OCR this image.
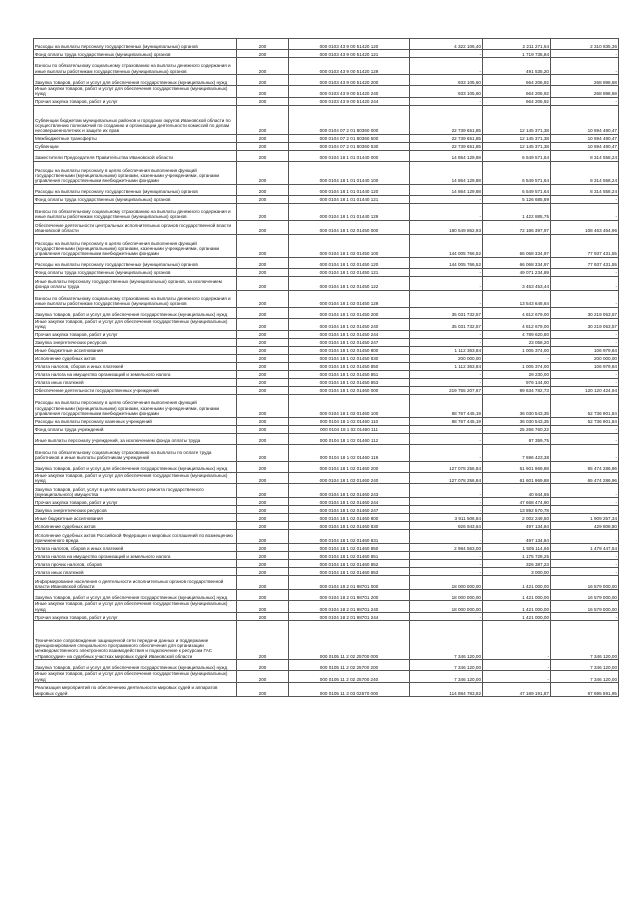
Расходы на выплаты персоналу государственных (муниципальных) органов	200	000 0103 43 9 00 51420 120	4 322 106,40	2 211 271,64	2 310 835,36
Фонд оплаты труда государственных (муниципальных) органов	200	000 0103 43 9 00 51420 121	-	1 719 735,84	-
Взносы по обязательному социальному страхованию на выплаты денежного содержания и иные выплаты работникам государственных (муниципальных) органов	200	000 0103 43 9 00 51420 129	-	491 535,20	-
Закупка товаров, работ и услуг для обеспечения государственных (муниципальных) нужд	200	000 0103 43 9 00 51420 200	933 105,60	664 206,92	268 898,68
Иные закупки товаров, работ и услуг для обеспечения государственных (муниципальных) нужд	200	000 0103 43 9 00 51420 240	933 105,60	664 206,92	268 898,68
Прочая закупка товаров, работ и услуг	200	000 0103 43 9 00 51420 244	-	664 206,92	-
Субвенции бюджетам муниципальных районов и городских округов Ивановской области по осуществлению полномочий по созданию и организации деятельности комиссий по делам несовершеннолетних и защите их прав	200	000 0104 07 2 01 80360 000	22 739 651,85	12 145 371,38	10 594 480,47
Межбюджетные трансферты	200	000 0104 07 2 01 80360 500	22 739 651,85	12 145 371,38	10 594 480,47
Субвенции	200	000 0104 07 2 01 80360 530	22 739 651,85	12 145 371,38	10 594 480,47
Заместители Председателя Правительства Ивановской области	200	000 0104 18 1 01 01440 000	14 864 129,88	6 549 571,64	8 314 558,24
Расходы на выплаты персоналу в целях обеспечения выполнения функций государственными (муниципальными) органами, казенными учреждениями, органами управления государственными внебюджетными фондами	200	000 0104 18 1 01 01440 100	14 864 129,88	6 549 571,64	8 314 558,24
Расходы на выплаты персоналу государственных (муниципальных) органов	200	000 0104 18 1 01 01440 120	14 864 129,88	6 549 571,64	8 314 558,24
Фонд оплаты труда государственных (муниципальных) органов	200	000 0104 18 1 01 01440 121	-	5 126 685,89	-
Взносы по обязательному социальному страхованию на выплаты денежного содержания и иные выплаты работникам государственных (муниципальных) органов	200	000 0104 18 1 01 01440 129	-	1 422 885,75	-
Обеспечение деятельности центральных исполнительных органов государственной власти Ивановской области	200	000 0104 18 1 02 01450 000	180 549 862,93	72 186 397,97	108 463 464,96
Расходы на выплаты персоналу в целях обеспечения выполнения функций государственными (муниципальными) органами, казенными учреждениями, органами управления государственными внебюджетными фондами	200	000 0104 18 1 02 01450 100	144 005 766,52	66 068 334,97	77 937 431,55
Расходы на выплаты персоналу государственных (муниципальных) органов	200	000 0104 18 1 02 01450 120	144 005 766,52	66 068 334,97	77 937 431,55
Фонд оплаты труда государственных (муниципальных) органов	200	000 0104 18 1 02 01450 121	-	49 071 234,89	-
Иные выплаты персоналу государственных (муниципальных) органов, за исключением фонда оплаты труда	200	000 0104 18 1 02 01450 122	-	3 453 453,44	-
Взносы по обязательному социальному страхованию на выплаты денежного содержания и иные выплаты работникам государственных (муниципальных) органов	200	000 0104 18 1 02 01450 129	-	13 543 646,64	-
Закупка товаров, работ и услуг для обеспечения государственных (муниципальных) нужд	200	000 0104 18 1 02 01450 200	35 031 732,57	4 812 679,00	30 219 053,57
Иные закупки товаров, работ и услуг для обеспечения государственных (муниципальных) нужд	200	000 0104 18 1 02 01450 240	35 031 732,57	4 812 679,00	30 219 053,57
Прочая закупка товаров, работ и услуг	200	000 0104 18 1 02 01450 244	-	4 789 620,80	-
Закупка энергетических ресурсов	200	000 0104 18 1 02 01450 247	-	23 058,20	-
Иные бюджетные ассигнования	200	000 0104 18 1 02 01450 800	1 112 363,84	1 005 374,00	106 979,84
Исполнение судебных актов	200	000 0104 18 1 02 01450 830	200 000,00	-	200 000,00
Уплата налогов, сборов и иных платежей	200	000 0104 18 1 02 01450 850	1 112 363,84	1 005 374,00	106 979,84
Уплата налога на имущество организаций и земельного налога	200	000 0104 18 1 02 01450 851	-	29 230,00	-
Уплата иных платежей	200	000 0104 18 1 02 01450 853	-	976 144,00	-
Обеспечение деятельности государственных учреждений	200	000 0104 18 1 02 01460 000	219 755 207,67	99 634 782,73	120 120 424,94
Расходы на выплаты персоналу в целях обеспечения выполнения функций государственными (муниципальными) органами, казенными учреждениями, органами управления государственными внебюджетными фондами	200	000 0104 18 1 02 01460 100	88 767 445,19	36 030 543,35	52 736 901,84
Расходы на выплаты персоналу казенных учреждений	200	000 0104 18 1 02 01460 110	88 767 445,19	36 030 543,35	52 736 901,84
Фонд оплаты труда учреждений	200	000 0104 18 1 02 01460 111	-	25 266 760,22	-
Иные выплаты персоналу учреждений, за исключением фонда оплаты труда	200	000 0104 18 1 02 01460 112	-	87 359,75	-
Взносы по обязательному социальному страхованию на выплаты по оплате труда работников и иные выплаты работникам учреждений	200	000 0104 18 1 02 01460 119	-	7 696 423,38	-
Закупка товаров, работ и услуг для обеспечения государственных (муниципальных) нужд	200	000 0104 18 1 02 01460 200	127 078 256,84	61 601 969,88	65 474 286,96
Иные закупки товаров, работ и услуг для обеспечения государственных (муниципальных) нужд	200	000 0104 18 1 02 01460 240	127 078 256,84	61 601 969,88	65 474 286,96
Закупка товаров, работ, услуг в целях капитального ремонта государственного (муниципального) имущества	200	000 0104 18 1 02 01460 243	-	40 944,65	-
Прочая закупка товаров, работ и услуг	200	000 0104 18 1 02 01460 244	-	47 668 474,90	-
Закупка энергетических ресурсов	200	000 0104 18 1 02 01460 247	-	13 892 570,78	-
Иные бюджетные ассигнования	200	000 0104 18 1 02 01460 800	3 911 506,84	2 002 249,50	1 909 257,34
Исполнение судебных актов	200	000 0104 18 1 02 01460 830	926 943,64	497 134,84	429 808,80
Исполнение судебных актов Российской Федерации и мировых соглашений по возмещению причиненного вреда	200	000 0104 18 1 02 01460 831	-	497 134,84	-
Уплата налогов, сборов и иных платежей	200	000 0104 18 1 02 01460 850	2 984 563,00	1 505 114,66	1 479 447,54
Уплата налога на имущество организаций и земельного налога	200	000 0104 18 1 02 01460 851	-	1 175 728,25	-
Уплата прочих налогов, сборов	200	000 0104 18 1 02 01460 852	-	326 387,23	-
Уплата иных платежей	200	000 0104 18 1 02 01460 853	-	3 000,00	-
Информирование населения о деятельности исполнительных органов государственной власти Ивановской области	200	000 0104 18 2 01 98701 000	18 000 000,00	1 421 000,00	16 579 000,00
Закупка товаров, работ и услуг для обеспечения государственных (муниципальных) нужд	200	000 0104 18 2 01 98701 200	18 000 000,00	1 421 000,00	16 579 000,00
Иные закупки товаров, работ и услуг для обеспечения государственных (муниципальных) нужд	200	000 0104 18 2 01 98701 240	18 000 000,00	1 421 000,00	16 579 000,00
Прочая закупка товаров, работ и услуг	200	000 0104 18 2 01 98701 244	-	1 421 000,00	-
Техническое сопровождение защищенной сети передачи данных и поддержание функционирования специального программного обеспечения для организации межведомственного электронного взаимодействия и подключение к ресурсам ГАС «Правосудие» на судебных участках мировых судей Ивановской области	200	000 0105 11 2 02 25700 000	7 346 120,00	-	7 346 120,00
Закупка товаров, работ и услуг для обеспечения государственных (муниципальных) нужд	200	000 0105 11 2 02 25700 200	7 346 120,00	-	7 346 120,00
Иные закупки товаров, работ и услуг для обеспечения государственных (муниципальных) нужд	200	000 0105 11 2 02 25700 240	7 346 120,00	-	7 346 120,00
Реализация мероприятий по обеспечению деятельности мировых судей и аппаратов мировых судей	200	000 0105 11 3 03 02570 000	114 884 783,82	47 189 191,87	67 695 591,95
